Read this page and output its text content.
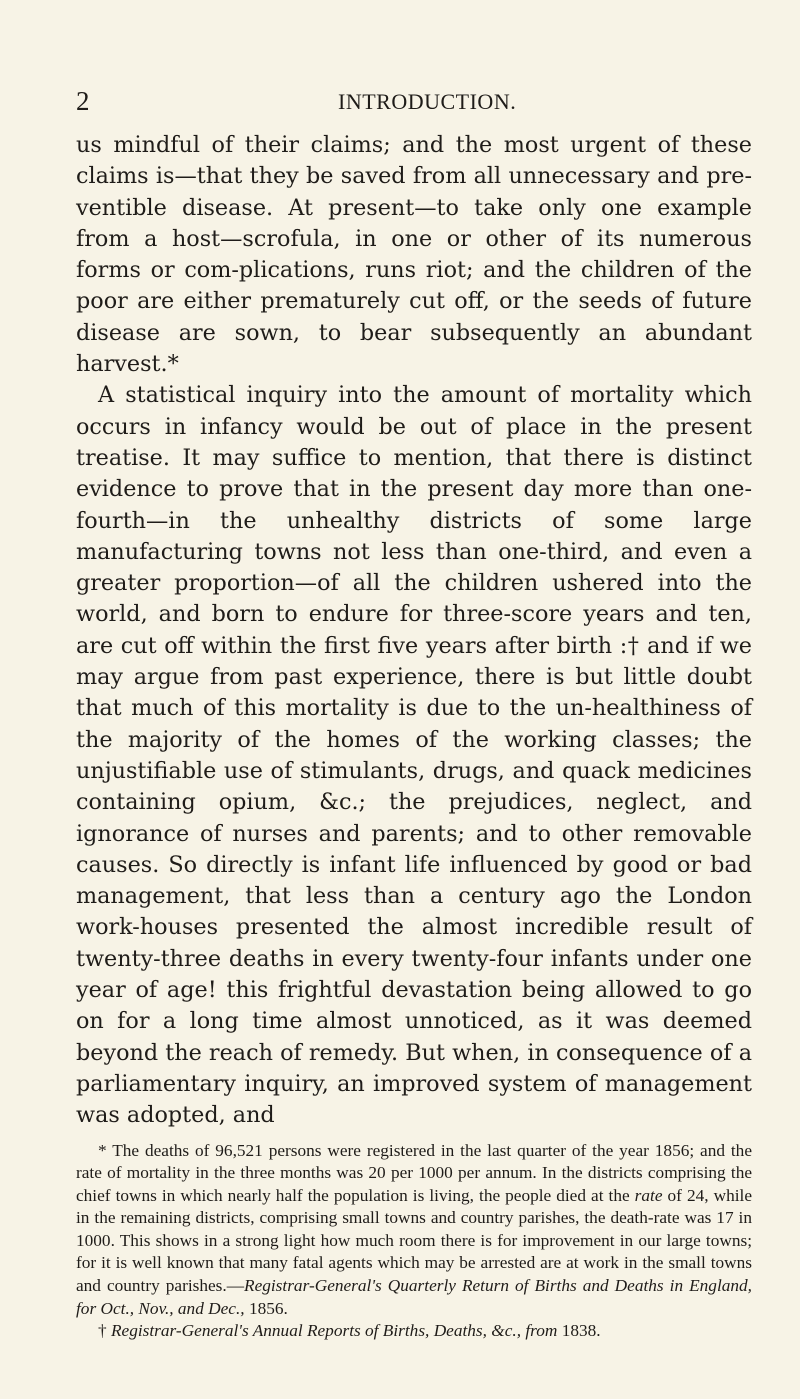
2	INTRODUCTION.

us mindful of their claims; and the most urgent of these claims is—that they be saved from all unnecessary and pre-ventible disease. At present—to take only one example from a host—scrofula, in one or other of its numerous forms or com-plications, runs riot; and the children of the poor are either prematurely cut off, or the seeds of future disease are sown, to bear subsequently an abundant harvest.*

A statistical inquiry into the amount of mortality which occurs in infancy would be out of place in the present treatise. It may suffice to mention, that there is distinct evidence to prove that in the present day more than one-fourth—in the unhealthy districts of some large manufacturing towns not less than one-third, and even a greater proportion—of all the children ushered into the world, and born to endure for three-score years and ten, are cut off within the first five years after birth :† and if we may argue from past experience, there is but little doubt that much of this mortality is due to the un-healthiness of the majority of the homes of the working classes; the unjustifiable use of stimulants, drugs, and quack medicines containing opium, &c.; the prejudices, neglect, and ignorance of nurses and parents; and to other removable causes. So directly is infant life influenced by good or bad management, that less than a century ago the London work-houses presented the almost incredible result of twenty-three deaths in every twenty-four infants under one year of age! this frightful devastation being allowed to go on for a long time almost unnoticed, as it was deemed beyond the reach of remedy. But when, in consequence of a parliamentary inquiry, an improved system of management was adopted, and

* The deaths of 96,521 persons were registered in the last quarter of the year 1856; and the rate of mortality in the three months was 20 per 1000 per annum. In the districts comprising the chief towns in which nearly half the population is living, the people died at the rate of 24, while in the remaining districts, comprising small towns and country parishes, the death-rate was 17 in 1000. This shows in a strong light how much room there is for improvement in our large towns; for it is well known that many fatal agents which may be arrested are at work in the small towns and country parishes.—Registrar-General's Quarterly Return of Births and Deaths in England, for Oct., Nov., and Dec., 1856.

† Registrar-General's Annual Reports of Births, Deaths, &c., from 1838.
